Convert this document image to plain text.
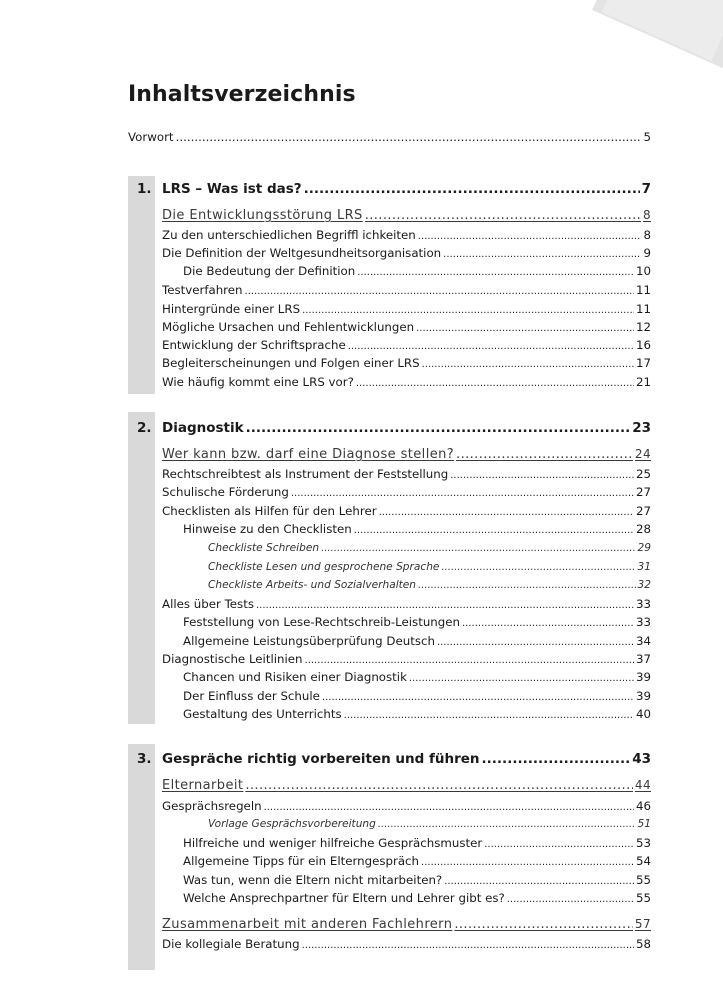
Inhaltsverzeichnis
Vorwort .....	5
1. LRS – Was ist das? .....	7
Die Entwicklungsstörung LRS .....	8
Zu den unterschiedlichen Begriffl ichkeiten .....	8
Die Definition der Weltgesundheitsorganisation .....	9
Die Bedeutung der Definition .....	10
Testverfahren .....	11
Hintergründe einer LRS .....	11
Mögliche Ursachen und Fehlentwicklungen .....	12
Entwicklung der Schriftsprache .....	16
Begleiterscheinungen und Folgen einer LRS .....	17
Wie häufig kommt eine LRS vor? .....	21
2. Diagnostik .....	23
Wer kann bzw. darf eine Diagnose stellen? .....	24
Rechtschreibtest als Instrument der Feststellung .....	25
Schulische Förderung .....	27
Checklisten als Hilfen für den Lehrer .....	27
Hinweise zu den Checklisten .....	28
Checkliste Schreiben .....	29
Checkliste Lesen und gesprochene Sprache .....	31
Checkliste Arbeits- und Sozialverhalten .....	32
Alles über Tests .....	33
Feststellung von Lese-Rechtschreib-Leistungen .....	33
Allgemeine Leistungsüberprüfung Deutsch .....	34
Diagnostische Leitlinien .....	37
Chancen und Risiken einer Diagnostik .....	39
Der Einfluss der Schule .....	39
Gestaltung des Unterrichts .....	40
3. Gespräche richtig vorbereiten und führen .....	43
Elternarbeit .....	44
Gesprächsregeln .....	46
Vorlage Gesprächsvorbereitung .....	51
Hilfreiche und weniger hilfreiche Gesprächsmuster .....	53
Allgemeine Tipps für ein Elterngespräch .....	54
Was tun, wenn die Eltern nicht mitarbeiten? .....	55
Welche Ansprechpartner für Eltern und Lehrer gibt es? .....	55
Zusammenarbeit mit anderen Fachlehrern .....	57
Die kollegiale Beratung .....	58
